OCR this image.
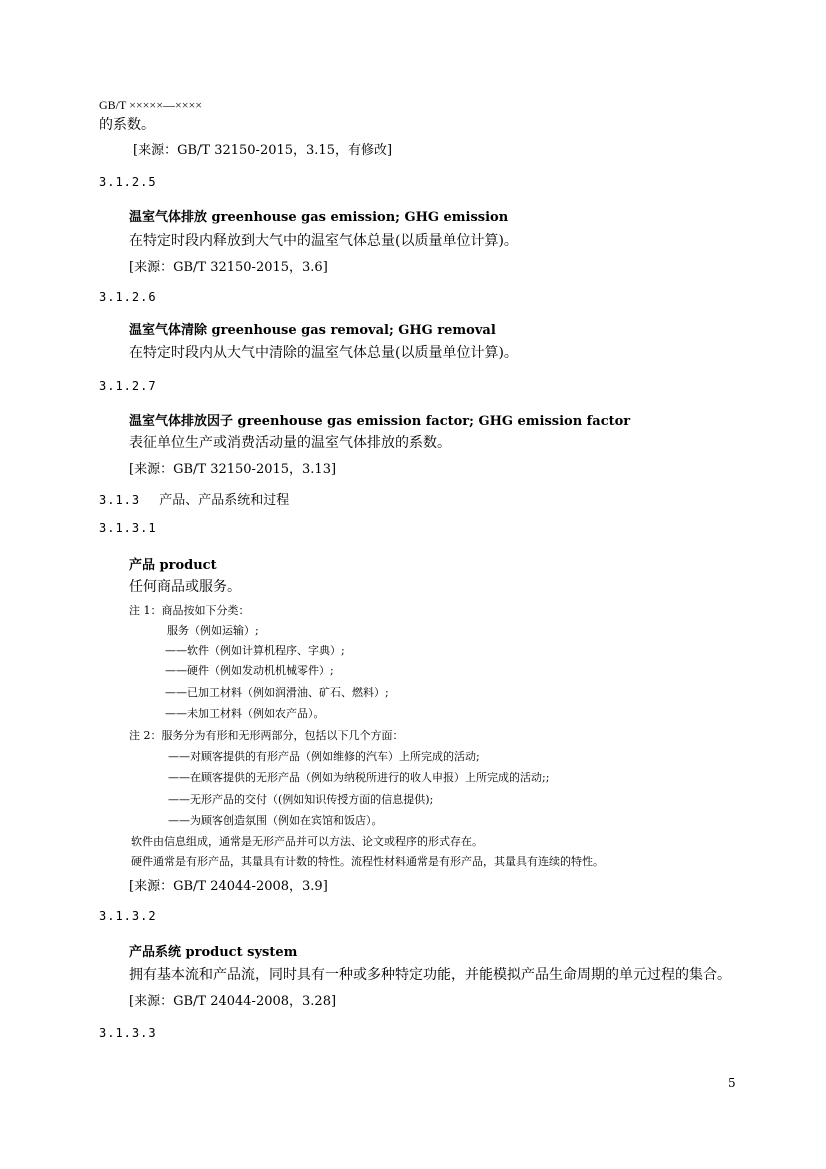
GB/T ×××××—××××
的系数。
[来源：GB/T 32150-2015，3.15，有修改]
3.1.2.5
温室气体排放 greenhouse gas emission; GHG emission
在特定时段内释放到大气中的温室气体总量(以质量单位计算)。
[来源：GB/T 32150-2015，3.6]
3.1.2.6
温室气体清除 greenhouse gas removal; GHG removal
在特定时段内从大气中清除的温室气体总量(以质量单位计算)。
3.1.2.7
温室气体排放因子 greenhouse gas emission factor; GHG emission factor
表征单位生产或消费活动量的温室气体排放的系数。
[来源：GB/T 32150-2015，3.13]
3.1.3 产品、产品系统和过程
3.1.3.1
产品 product
任何商品或服务。
注 1：商品按如下分类：
服务（例如运输）;
——软件（例如计算机程序、字典）;
——硬件（例如发动机机械零件）;
——已加工材料（例如润滑油、矿石、燃料）;
——未加工材料（例如农产品）。
注 2：服务分为有形和无形两部分，包括以下几个方面：
——对顾客提供的有形产品（例如维修的汽车）上所完成的活动;
——在顾客提供的无形产品（例如为纳税所进行的收人申报）上所完成的活动;;
——无形产品的交付（(例如知识传授方面的信息提供);
——为顾客创造氛围（例如在宾馆和饭店）。
软件由信息组成，通常是无形产品并可以方法、论文或程序的形式存在。
硬件通常是有形产品，其量具有计数的特性。流程性材料通常是有形产品，其量具有连续的特性。
[来源：GB/T 24044-2008，3.9]
3.1.3.2
产品系统 product system
拥有基本流和产品流，同时具有一种或多种特定功能，并能模拟产品生命周期的单元过程的集合。
[来源：GB/T 24044-2008，3.28]
3.1.3.3
5
